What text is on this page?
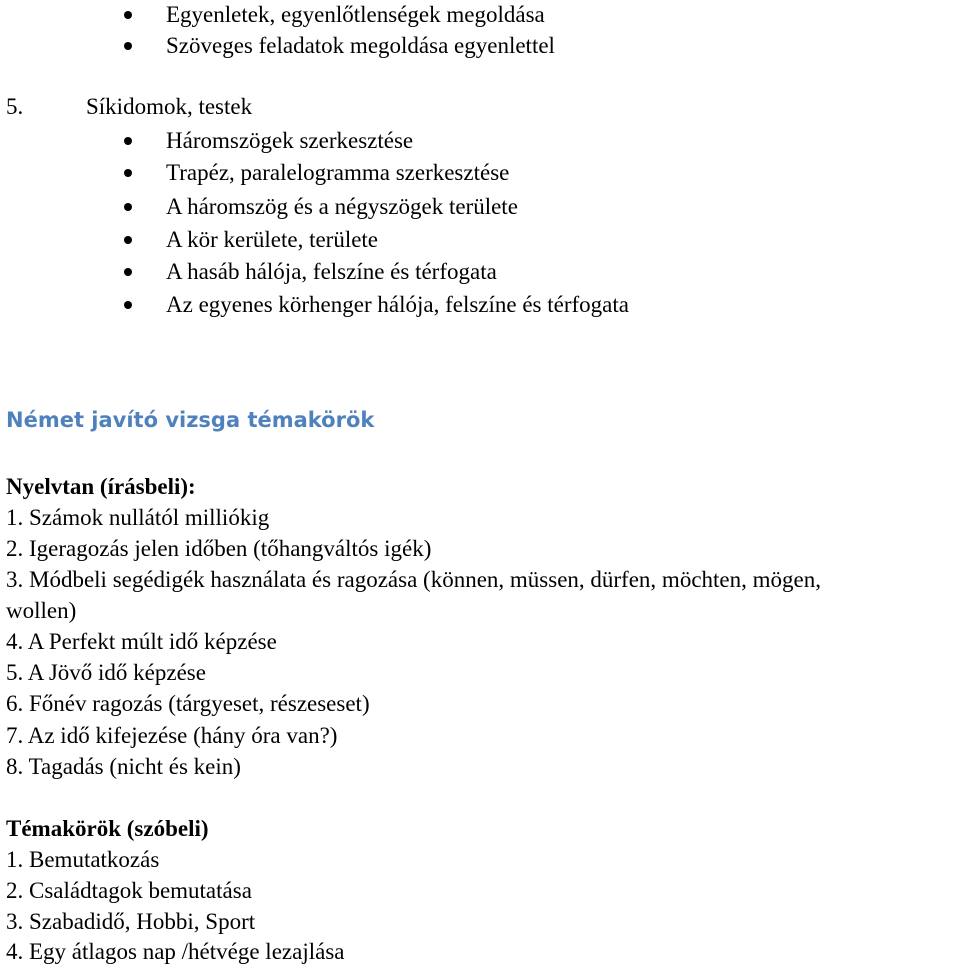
Egyenletek, egyenlőtlenségek megoldása
Szöveges feladatok megoldása egyenlettel
5.	Síkidomok, testek
Háromszögek szerkesztése
Trapéz, paralelogramma szerkesztése
A háromszög és a négyszögek területe
A kör kerülete, területe
A hasáb hálója, felszíne és térfogata
Az egyenes körhenger hálója, felszíne és térfogata
Német javító vizsga témakörök
Nyelvtan (írásbeli):
1. Számok nullától milliókig
2. Igeragozás jelen időben (tőhangváltós igék)
3. Módbeli segédigék használata és ragozása (können, müssen, dürfen, möchten, mögen,
wollen)
4. A Perfekt múlt idő képzése
5. A Jövő idő képzése
6. Főnév ragozás (tárgyeset, részeseset)
7. Az idő kifejezése (hány óra van?)
8. Tagadás (nicht és kein)
Témakörök (szóbeli)
1. Bemutatkozás
2. Családtagok bemutatása
3. Szabadidő, Hobbi, Sport
4. Egy átlagos nap /hétvége lezajlása
